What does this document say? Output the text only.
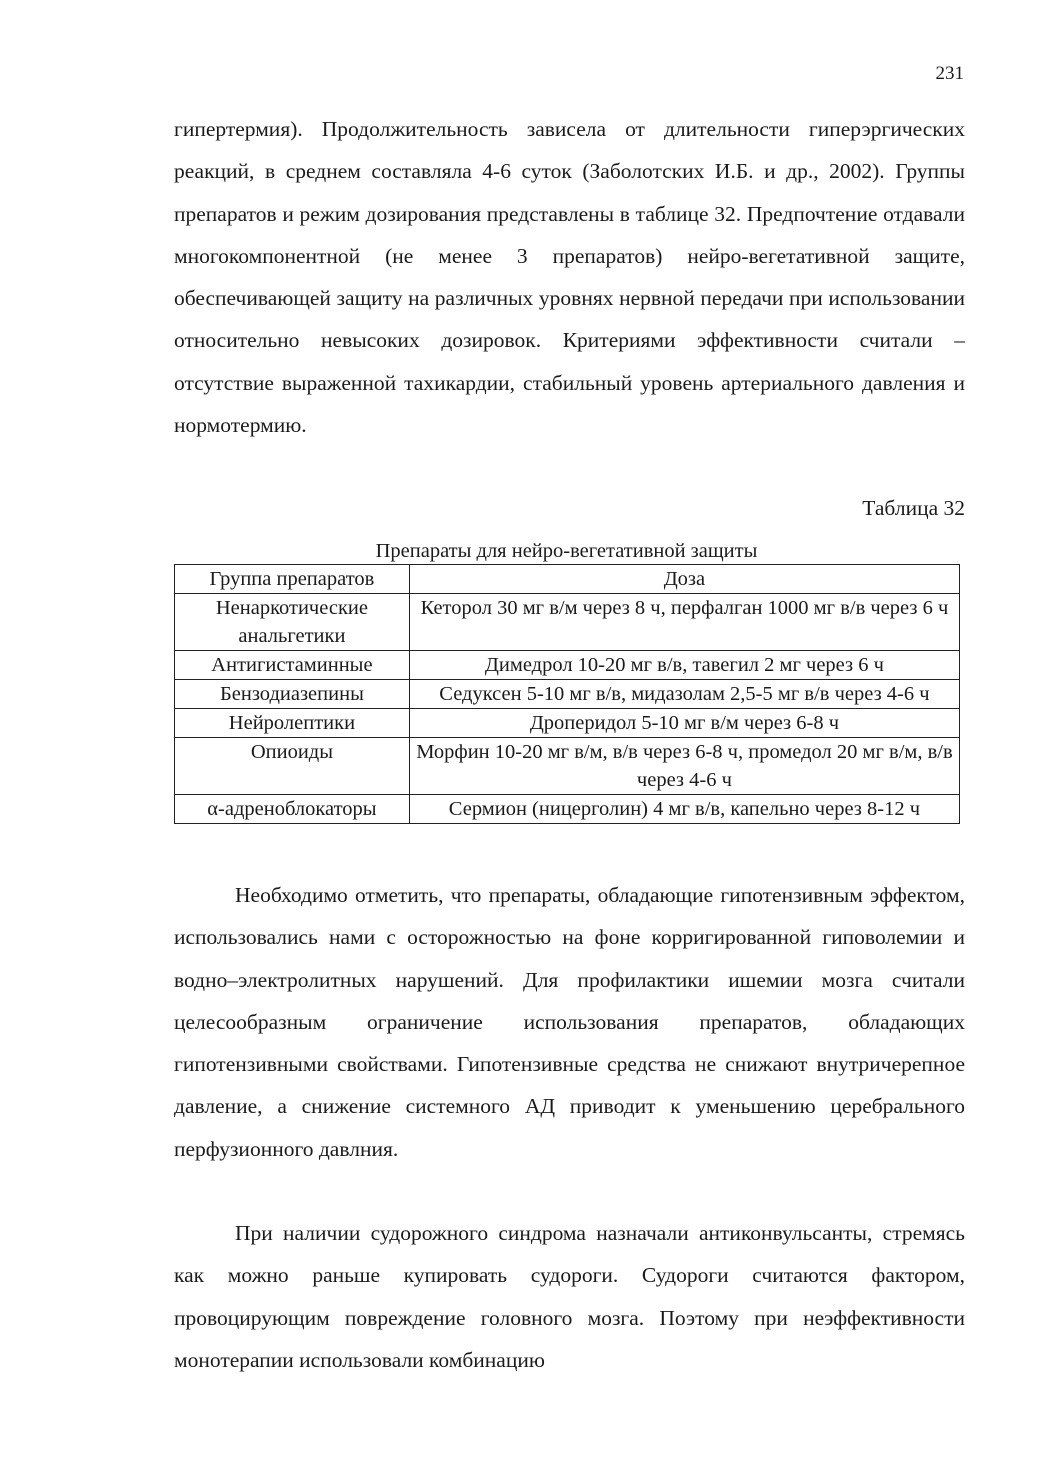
231

гипертермия). Продолжительность зависела от длительности гиперэргических реакций, в среднем составляла 4-6 суток (Заболотских И.Б. и др., 2002). Группы препаратов и режим дозирования представлены в таблице 32. Предпочтение отдавали многокомпонентной (не менее 3 препаратов) нейро-вегетативной защите, обеспечивающей защиту на различных уровнях нервной передачи при использовании относительно невысоких дозировок. Критериями эффективности считали – отсутствие выраженной тахикардии, стабильный уровень артериального давления и нормотермию.

Таблица 32
Препараты для нейро-вегетативной защиты
Группа препаратов	Доза
Ненаркотические анальгетики	Кеторол 30 мг в/м через 8 ч, перфалган 1000 мг в/в через 6 ч
Антигистаминные	Димедрол 10-20 мг в/в, тавегил 2 мг через 6 ч
Бензодиазепины	Седуксен 5-10 мг в/в, мидазолам 2,5-5 мг в/в через 4-6 ч
Нейролептики	Дроперидол 5-10 мг в/м через 6-8 ч
Опиоиды	Морфин 10-20 мг в/м, в/в через 6-8 ч, промедол 20 мг в/м, в/в через 4-6 ч
α-адреноблокаторы	Сермион (ницерголин) 4 мг в/в, капельно через 8-12 ч

Необходимо отметить, что препараты, обладающие гипотензивным эффектом, использовались нами с осторожностью на фоне корригированной гиповолемии и водно–электролитных нарушений. Для профилактики ишемии мозга считали целесообразным ограничение использования препаратов, обладающих гипотензивными свойствами. Гипотензивные средства не снижают внутричерепное давление, а снижение системного АД приводит к уменьшению церебрального перфузионного давлния.

При наличии судорожного синдрома назначали антиконвульсанты, стремясь как можно раньше купировать судороги. Судороги считаются фактором, провоцирующим повреждение головного мозга. Поэтому при неэффективности монотерапии использовали комбинацию
